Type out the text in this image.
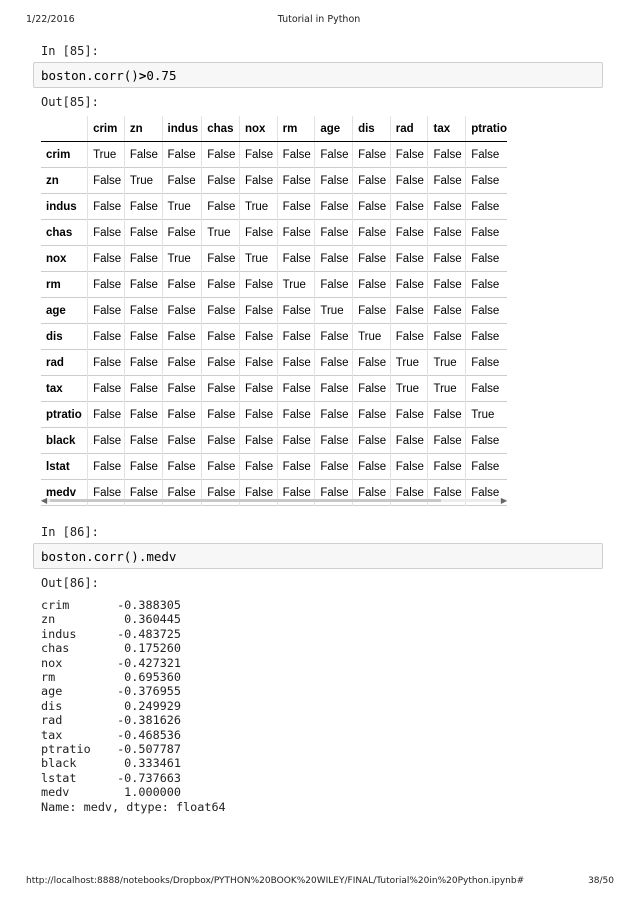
1/22/2016	Tutorial in Python
In [85]:
boston.corr()>0.75
Out[85]:
	crim	zn	indus	chas	nox	rm	age	dis	rad	tax	ptratio
crim	True	False	False	False	False	False	False	False	False	False	False
zn	False	True	False	False	False	False	False	False	False	False	False
indus	False	False	True	False	True	False	False	False	False	False	False
chas	False	False	False	True	False	False	False	False	False	False	False
nox	False	False	True	False	True	False	False	False	False	False	False
rm	False	False	False	False	False	True	False	False	False	False	False
age	False	False	False	False	False	False	True	False	False	False	False
dis	False	False	False	False	False	False	False	True	False	False	False
rad	False	False	False	False	False	False	False	False	True	True	False
tax	False	False	False	False	False	False	False	False	True	True	False
ptratio	False	False	False	False	False	False	False	False	False	False	True
black	False	False	False	False	False	False	False	False	False	False	False
lstat	False	False	False	False	False	False	False	False	False	False	False
medv	False	False	False	False	False	False	False	False	False	False	False
◀	▶
In [86]:
boston.corr().medv
Out[86]:
crim	-0.388305
zn	0.360445
indus	-0.483725
chas	0.175260
nox	-0.427321
rm	0.695360
age	-0.376955
dis	0.249929
rad	-0.381626
tax	-0.468536
ptratio -0.507787
black	0.333461
lstat	-0.737663
medv	1.000000
Name: medv, dtype: float64
http://localhost:8888/notebooks/Dropbox/PYTHON%20BOOK%20WILEY/FINAL/Tutorial%20in%20Python.ipynb#	38/50
